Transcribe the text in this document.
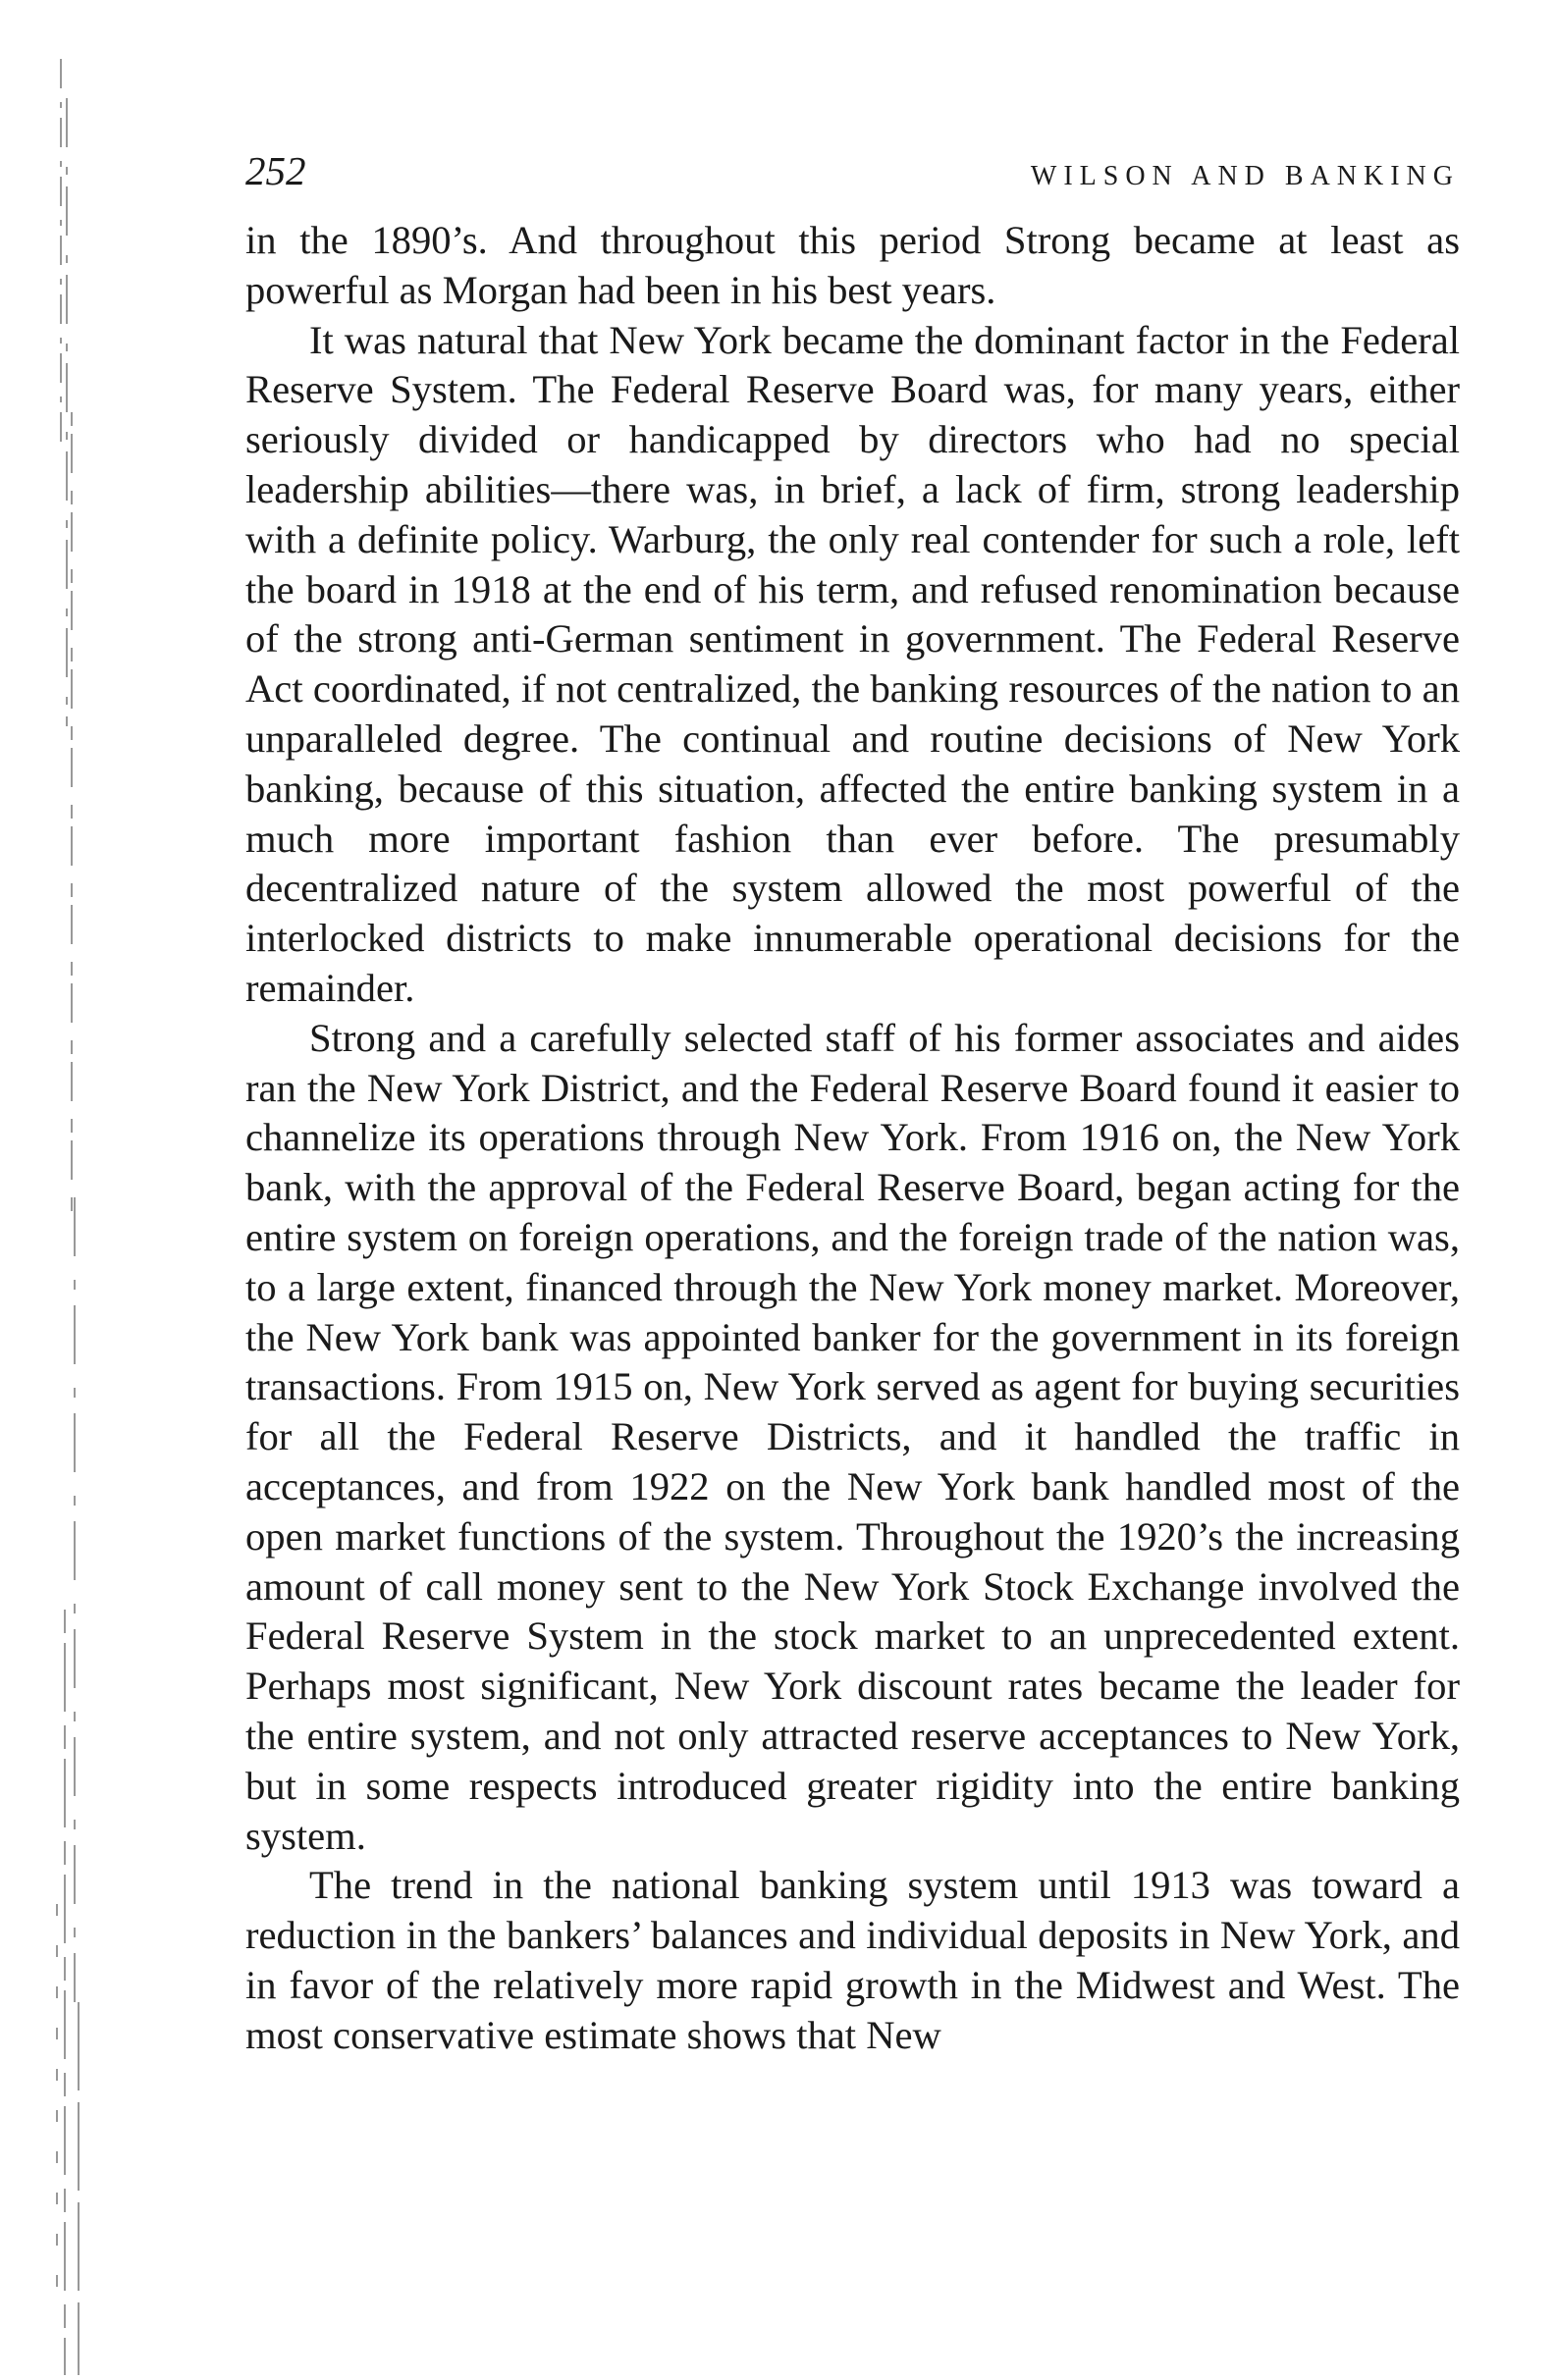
252	WILSON AND BANKING

in the 1890’s. And throughout this period Strong became at least as powerful as Morgan had been in his best years.

It was natural that New York became the dominant factor in the Federal Reserve System. The Federal Reserve Board was, for many years, either seriously divided or handicapped by directors who had no special leadership abilities—there was, in brief, a lack of firm, strong leadership with a definite policy. Warburg, the only real contender for such a role, left the board in 1918 at the end of his term, and refused renomination because of the strong anti-German sentiment in government. The Federal Reserve Act coordinated, if not centralized, the banking resources of the nation to an unparalleled degree. The continual and routine decisions of New York banking, because of this situation, affected the entire banking system in a much more important fashion than ever before. The presumably decentralized nature of the system allowed the most powerful of the interlocked districts to make innumerable operational decisions for the remainder.

Strong and a carefully selected staff of his former associates and aides ran the New York District, and the Federal Reserve Board found it easier to channelize its operations through New York. From 1916 on, the New York bank, with the approval of the Federal Reserve Board, began acting for the entire system on foreign operations, and the foreign trade of the nation was, to a large extent, financed through the New York money market. Moreover, the New York bank was appointed banker for the government in its foreign transactions. From 1915 on, New York served as agent for buying securities for all the Federal Reserve Districts, and it handled the traffic in acceptances, and from 1922 on the New York bank handled most of the open market functions of the system. Throughout the 1920’s the increasing amount of call money sent to the New York Stock Exchange involved the Federal Reserve System in the stock market to an unprecedented extent. Perhaps most significant, New York discount rates became the leader for the entire system, and not only attracted reserve acceptances to New York, but in some respects introduced greater rigidity into the entire banking system.

The trend in the national banking system until 1913 was toward a reduction in the bankers’ balances and individual deposits in New York, and in favor of the relatively more rapid growth in the Midwest and West. The most conservative estimate shows that New
